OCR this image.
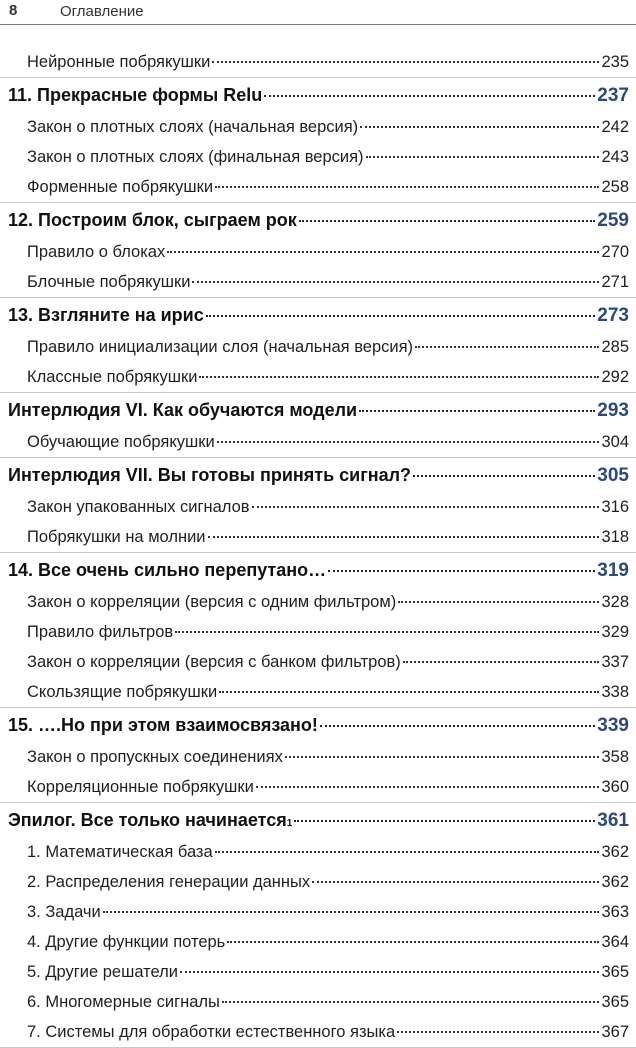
8	Оглавление
Нейронные побрякушки	235
11. Прекрасные формы Relu	237
Закон о плотных слоях (начальная версия)	242
Закон о плотных слоях (финальная версия)	243
Форменные побрякушки	258
12. Построим блок, сыграем рок	259
Правило о блоках	270
Блочные побрякушки	271
13. Взгляните на ирис	273
Правило инициализации слоя (начальная версия)	285
Классные побрякушки	292
Интерлюдия VI. Как обучаются модели	293
Обучающие побрякушки	304
Интерлюдия VII. Вы готовы принять сигнал?	305
Закон упакованных сигналов	316
Побрякушки на молнии	318
14. Все очень сильно перепутано…	319
Закон о корреляции (версия с одним фильтром)	328
Правило фильтров	329
Закон о корреляции (версия с банком фильтров)	337
Скользящие побрякушки	338
15. ….Но при этом взаимосвязано!	339
Закон о пропускных соединениях	358
Корреляционные побрякушки	360
Эпилог. Все только начинается 1	361
1. Математическая база	362
2. Распределения генерации данных	362
3. Задачи	363
4. Другие функции потерь	364
5. Другие решатели	365
6. Многомерные сигналы	365
7. Системы для обработки естественного языка	367
